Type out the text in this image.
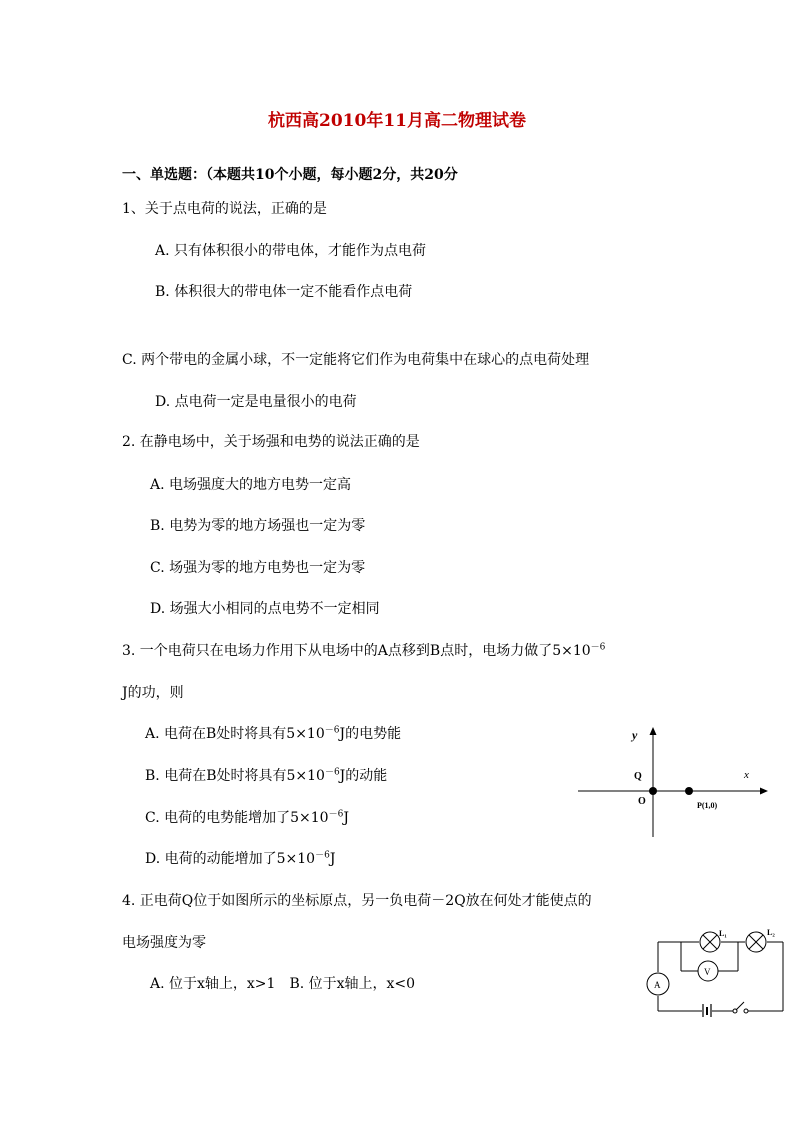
杭西高2010年11月高二物理试卷
一、单选题：（本题共10个小题，每小题2分，共20分
1、关于点电荷的说法，正确的是
A. 只有体积很小的带电体，才能作为点电荷
B. 体积很大的带电体一定不能看作点电荷
C. 两个带电的金属小球，不一定能将它们作为电荷集中在球心的点电荷处理
D. 点电荷一定是电量很小的电荷
2. 在静电场中，关于场强和电势的说法正确的是
A. 电场强度大的地方电势一定高
B. 电势为零的地方场强也一定为零
C. 场强为零的地方电势也一定为零
D. 场强大小相同的点电势不一定相同
3. 一个电荷只在电场力作用下从电场中的A点移到B点时，电场力做了$5\times 10^{-6}$
J的功，则
A. 电荷在B处时将具有$5\times 10^{-6}J$的电势能
B. 电荷在B处时将具有$5\times 10^{-6}J$的动能
C. 电荷的电势能增加了$5\times 10^{-6}J$
D. 电荷的动能增加了$5\times 10^{-6}J$
4. 正电荷Q位于如图所示的坐标原点，另一负电荷－2Q放在何处才能使点的
电场强度为零
A. 位于x轴上，x>1　B. 位于x轴上，x<0
y
x
Q
O	P(1,0)
L₁	L₂
V
A
